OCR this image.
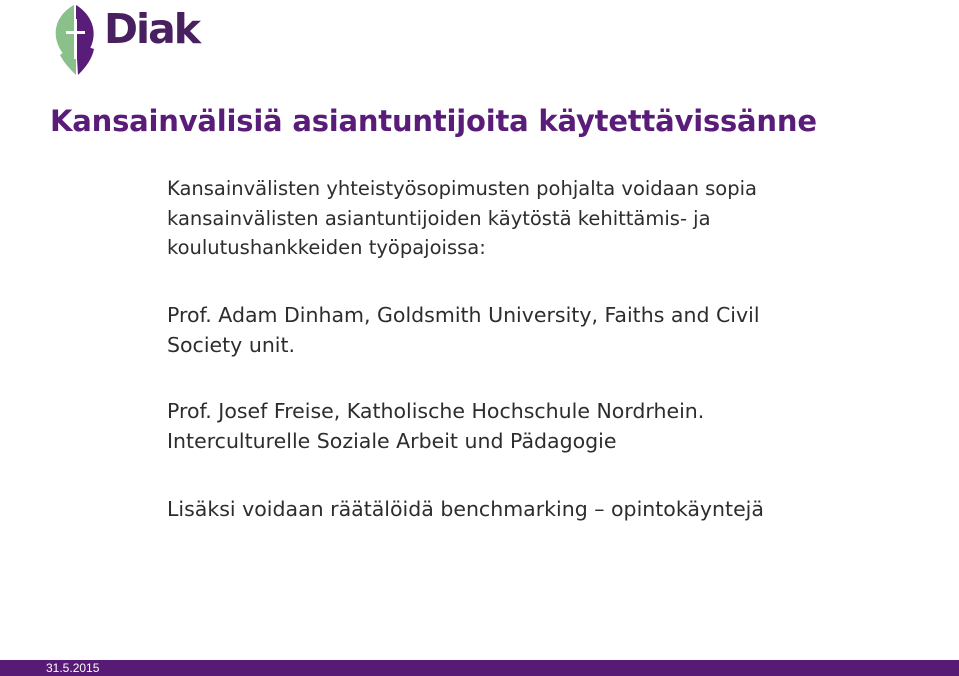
Diak
Kansainvälisiä asiantuntijoita käytettävissänne

Kansainvälisten yhteistyösopimusten pohjalta voidaan sopia
kansainvälisten asiantuntijoiden käytöstä kehittämis- ja
koulutushankkeiden työpajoissa:

Prof. Adam Dinham, Goldsmith University, Faiths and Civil
Society unit.

Prof. Josef Freise, Katholische Hochschule Nordrhein.
Interculturelle Soziale Arbeit und Pädagogie

Lisäksi voidaan räätälöidä benchmarking – opintokäyntejä

31.5.2015
